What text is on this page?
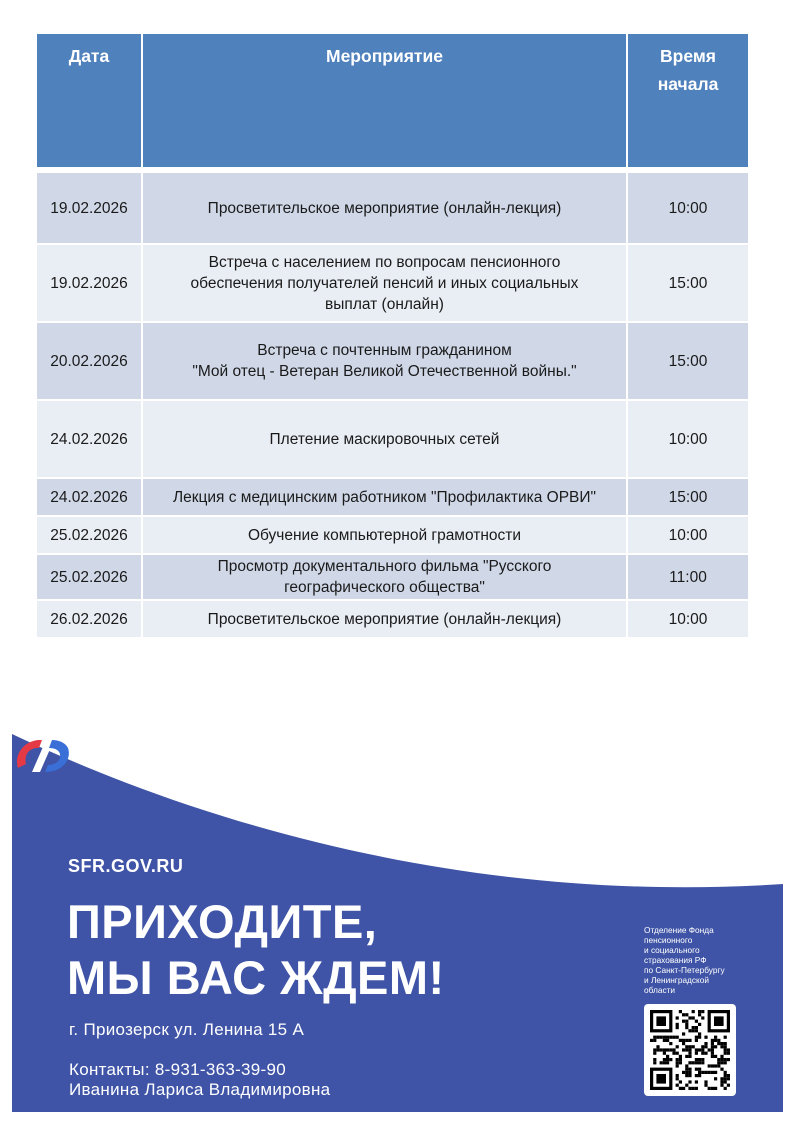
Дата	Мероприятие	Время
начала

19.02.2026	Просветительское мероприятие (онлайн-лекция)	10:00
19.02.2026	Встреча с населением по вопросам пенсионного
обеспечения получателей пенсий и иных социальных
выплат (онлайн)	15:00
20.02.2026	Встреча с почтенным гражданином
"Мой отец - Ветеран Великой Отечественной войны."	15:00
24.02.2026	Плетение маскировочных сетей	10:00
24.02.2026	Лекция с медицинским работником "Профилактика ОРВИ"	15:00
25.02.2026	Обучение компьютерной грамотности	10:00
25.02.2026	Просмотр документального фильма "Русского
географического общества"	11:00
26.02.2026	Просветительское мероприятие (онлайн-лекция)	10:00
SFR.GOV.RU
ПРИХОДИТЕ,
МЫ ВАС ЖДЕМ!
г. Приозерск ул. Ленина 15 А
Контакты: 8-931-363-39-90
Иванина Лариса Владимировна
Отделение Фонда
пенсионного
и социального
страхования РФ
по Санкт-Петербургу
и Ленинградской
области
